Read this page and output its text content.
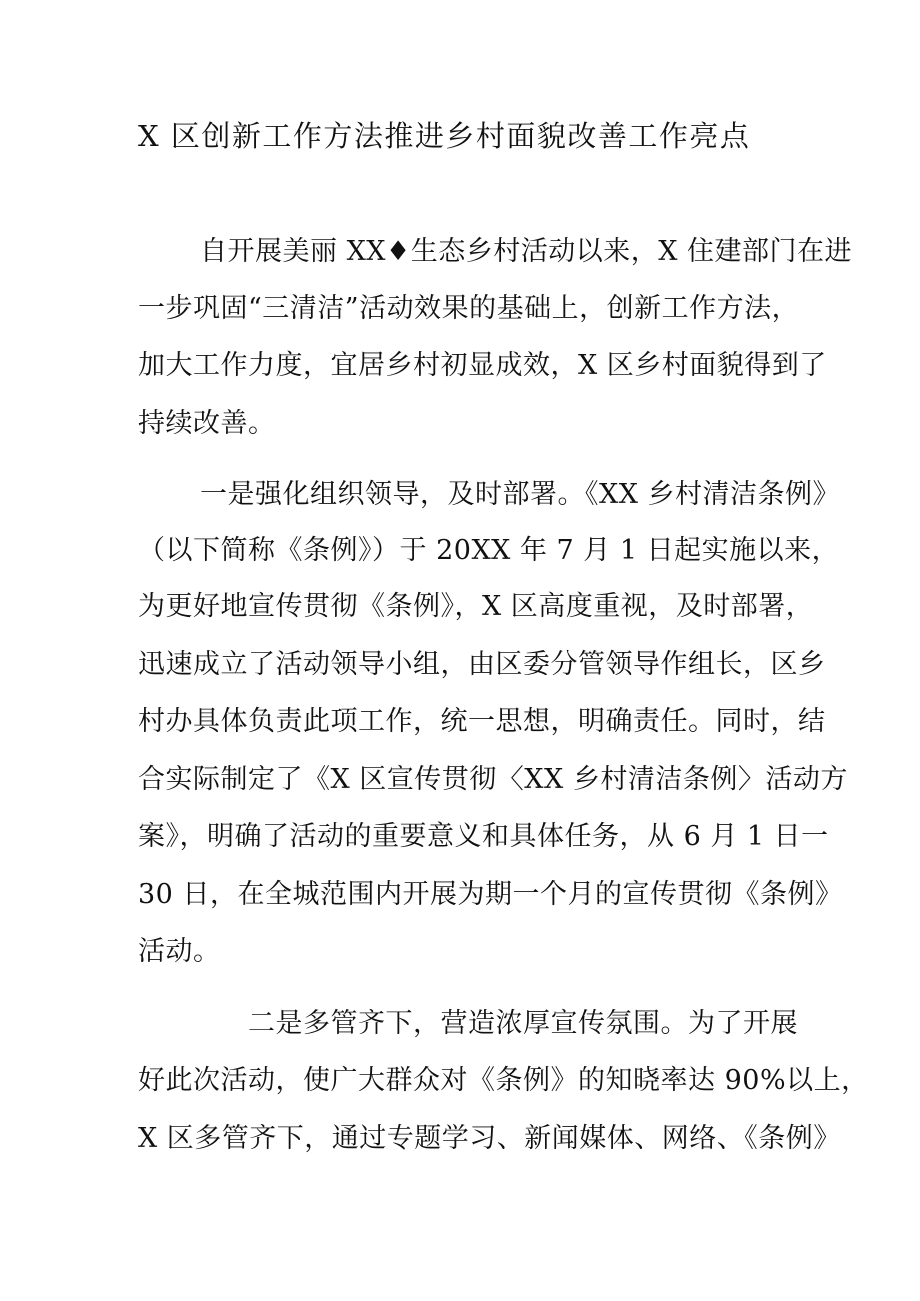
X 区创新工作方法推进乡村面貌改善工作亮点
自开展美丽 XX♦生态乡村活动以来，X 住建部门在进
一步巩固“三清洁”活动效果的基础上，创新工作方法，
加大工作力度，宜居乡村初显成效，X 区乡村面貌得到了
持续改善。
一是强化组织领导，及时部署。《XX 乡村清洁条例》
（以下简称《条例》）于 20XX 年 7 月 1 日起实施以来，
为更好地宣传贯彻《条例》，X 区高度重视，及时部署，
迅速成立了活动领导小组，由区委分管领导作组长，区乡
村办具体负责此项工作，统一思想，明确责任。同时，结
合实际制定了《X 区宣传贯彻〈XX 乡村清洁条例〉活动方
案》，明确了活动的重要意义和具体任务，从 6 月 1 日一
30 日，在全城范围内开展为期一个月的宣传贯彻《条例》
活动。
二是多管齐下，营造浓厚宣传氛围。为了开展
好此次活动，使广大群众对《条例》的知晓率达 90%以上，
X 区多管齐下，通过专题学习、新闻媒体、网络、《条例》
